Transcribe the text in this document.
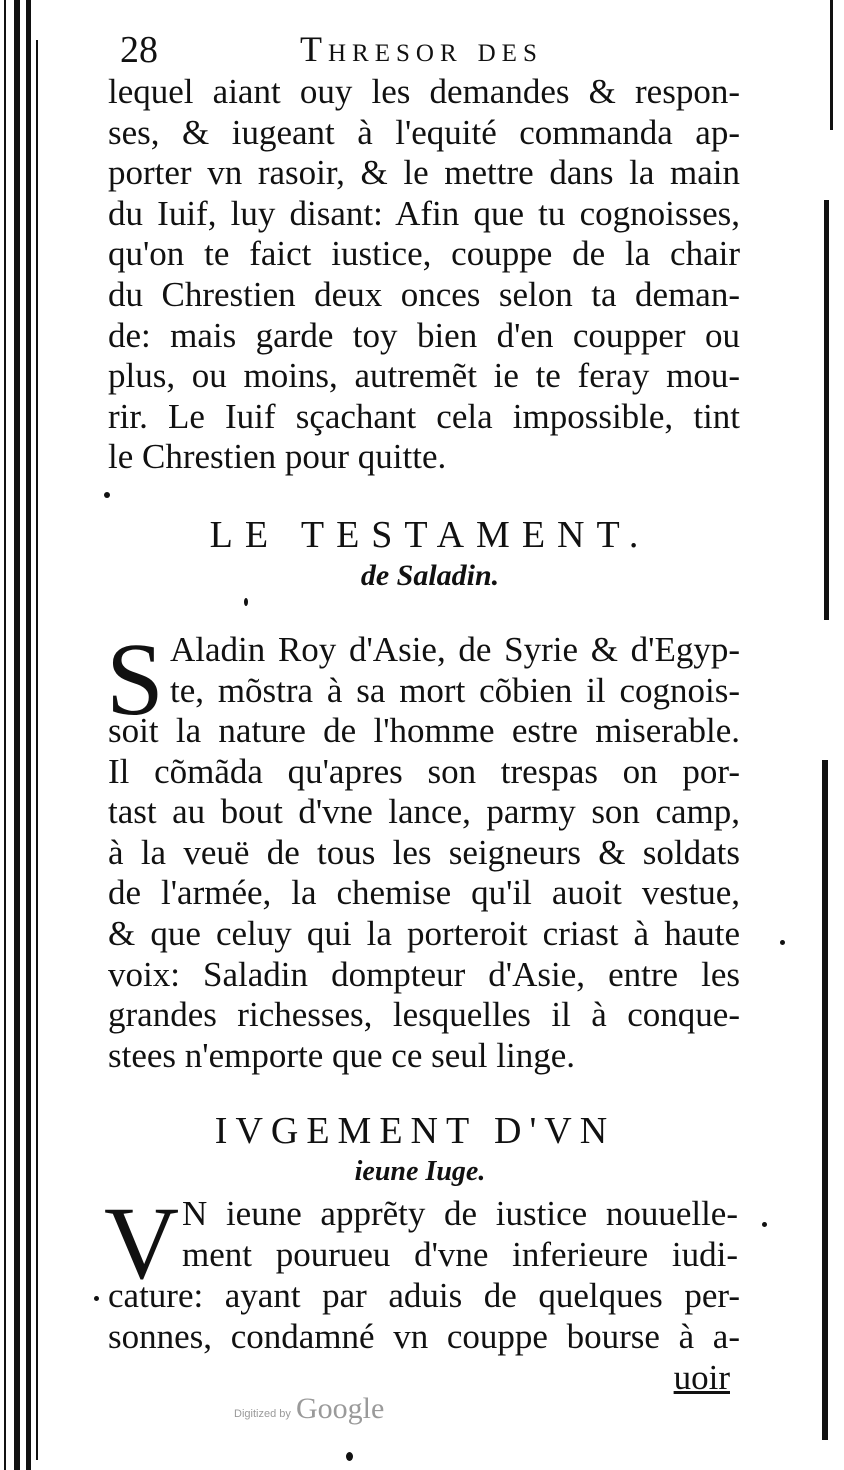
28	Thresor des
lequel aiant ouy les demandes & respon-
ses, & iugeant à l'equité commanda ap-
porter vn rasoir, & le mettre dans la main
du Iuif, luy disant: Afin que tu cognoisses,
qu'on te faict iustice, couppe de la chair
du Chrestien deux onces selon ta deman-
de: mais garde toy bien d'en coupper ou
plus, ou moins, autremẽt ie te feray mou-
rir. Le Iuif sçachant cela impossible, tint
le Chrestien pour quitte.
LE TESTAMENT.
de Saladin.
S Aladin Roy d'Asie, de Syrie & d'Egyp-
te, mõstra à sa mort cõbien il cognois-
soit la nature de l'homme estre miserable.
Il cõmãda qu'apres son trespas on por-
tast au bout d'vne lance, parmy son camp,
à la veuë de tous les seigneurs & soldats
de l'armée, la chemise qu'il auoit vestue,
& que celuy qui la porteroit criast à haute
voix: Saladin dompteur d'Asie, entre les
grandes richesses, lesquelles il à conque-
stees n'emporte que ce seul linge.
IVGEMENT D'VN
ieune Iuge.
V N ieune apprẽty de iustice nouuelle-
ment pourueu d'vne inferieure iudi-
cature: ayant par aduis de quelques per-
sonnes, condamné vn couppe bourse à a-
uoir
Digitized by Google
